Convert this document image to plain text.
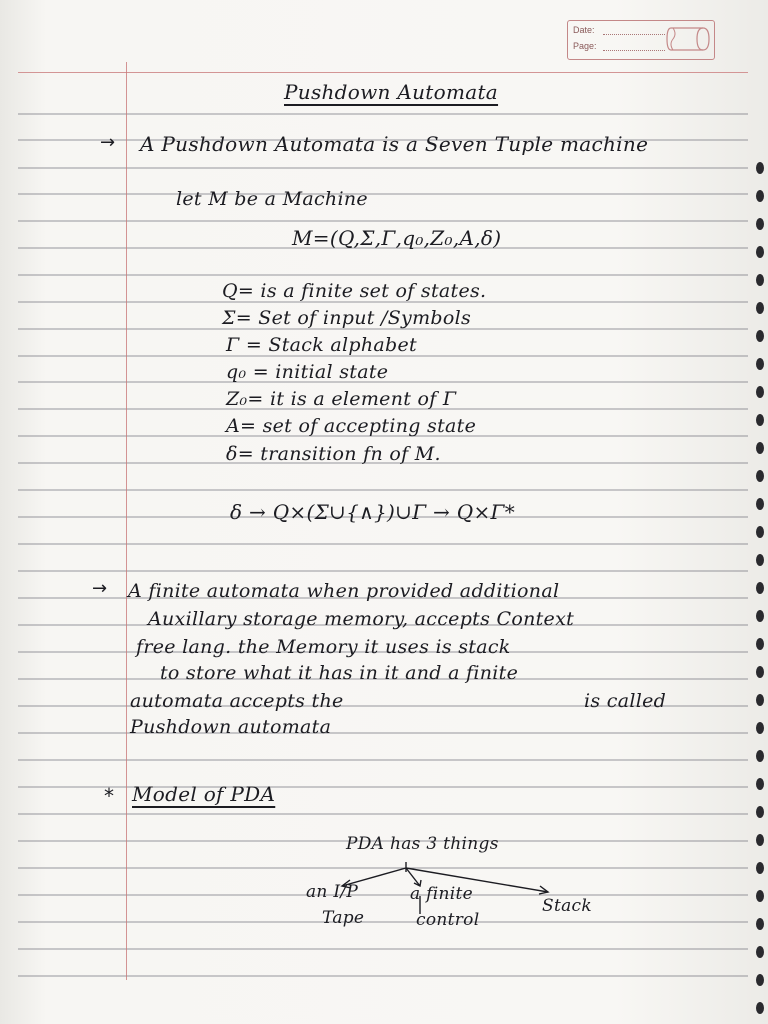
Date:
Page:
Pushdown Automata
→ A Pushdown Automata is a Seven Tuple machine
let M be a Machine
M=(Q,Σ,Γ,q₀,Z₀,A,δ)
Q= is a finite set of states.
Σ= Set of input /Symbols
Γ = Stack alphabet
q₀ = initial state
Z₀= it is a element of Γ
A= set of accepting state
δ= transition fn of M.
δ → Q×(Σ∪{∧})∪Γ → Q×Γ*
→ A finite automata when provided additional
Auxillary storage memory, accepts Context
free lang. the Memory it uses is stack
to store what it has in it and a finite
automata accepts the	is called
Pushdown automata
* Model of PDA
PDA has 3 things
an I/P
Tape
a finite
control
Stack
